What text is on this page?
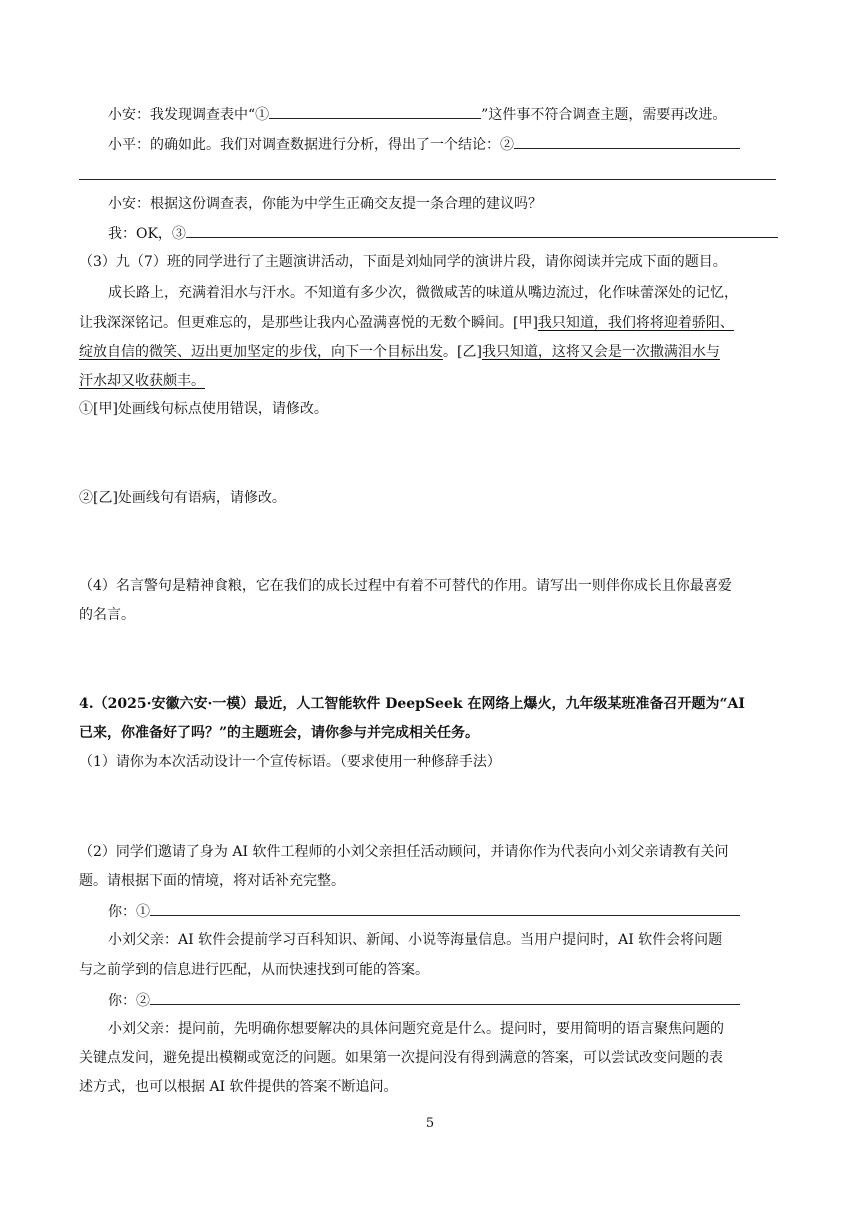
小安：我发现调查表中“①	”这件事不符合调查主题，需要再改进。
小平：的确如此。我们对调查数据进行分析，得出了一个结论：②
小安：根据这份调查表，你能为中学生正确交友提一条合理的建议吗？
我：OK，③
（3）九（7）班的同学进行了主题演讲活动，下面是刘灿同学的演讲片段，请你阅读并完成下面的题目。
成长路上，充满着泪水与汗水。不知道有多少次，微微咸苦的味道从嘴边流过，化作味蕾深处的记忆，
让我深深铭记。但更难忘的，是那些让我内心盈满喜悦的无数个瞬间。[甲]我只知道，我们将将迎着骄阳、
绽放自信的微笑、迈出更加坚定的步伐，向下一个目标出发。[乙]我只知道，这将又会是一次撒满泪水与
汗水却又收获颇丰。
①[甲]处画线句标点使用错误，请修改。
②[乙]处画线句有语病，请修改。
（4）名言警句是精神食粮，它在我们的成长过程中有着不可替代的作用。请写出一则伴你成长且你最喜爱
的名言。
4.（2025·安徽六安·一模）最近，人工智能软件 DeepSeek 在网络上爆火，九年级某班准备召开题为“AI
已来，你准备好了吗？”的主题班会，请你参与并完成相关任务。
（1）请你为本次活动设计一个宣传标语。（要求使用一种修辞手法）
（2）同学们邀请了身为 AI 软件工程师的小刘父亲担任活动顾问，并请你作为代表向小刘父亲请教有关问
题。请根据下面的情境，将对话补充完整。
你：①
小刘父亲：AI 软件会提前学习百科知识、新闻、小说等海量信息。当用户提问时，AI 软件会将问题
与之前学到的信息进行匹配，从而快速找到可能的答案。
你：②
小刘父亲：提问前，先明确你想要解决的具体问题究竟是什么。提问时，要用简明的语言聚焦问题的
关键点发问，避免提出模糊或宽泛的问题。如果第一次提问没有得到满意的答案，可以尝试改变问题的表
述方式，也可以根据 AI 软件提供的答案不断追问。
5
